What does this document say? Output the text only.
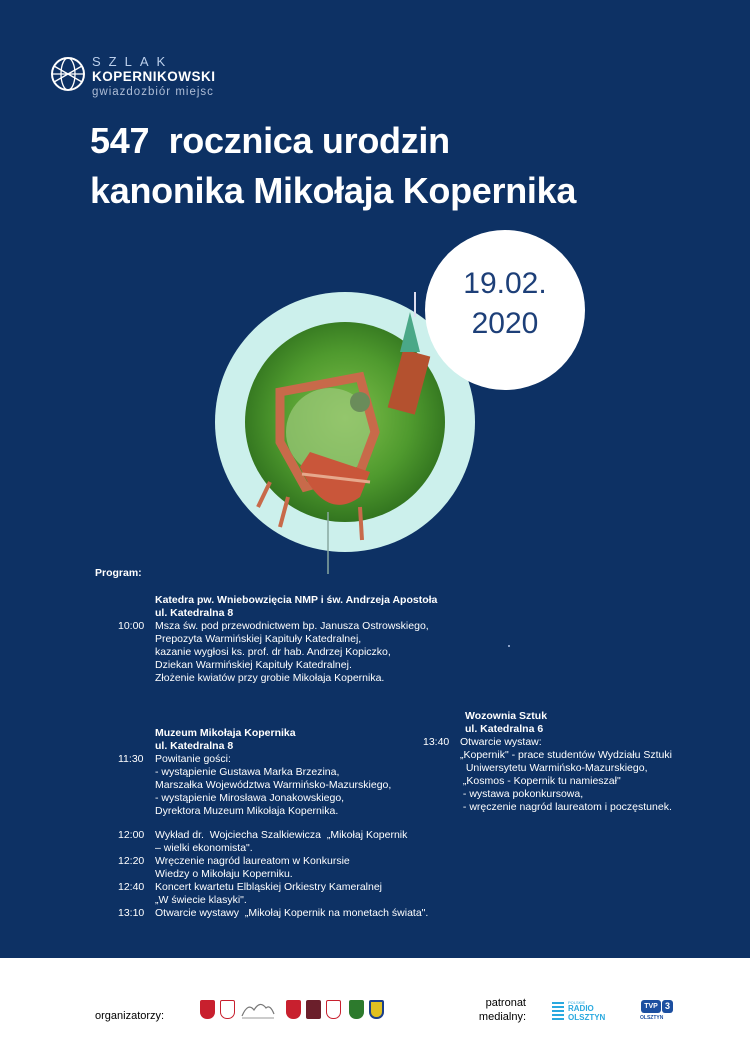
SZLAK
KOPERNIKOWSKI
gwiazdozbiór miejsc
547  rocznica urodzin
kanonika Mikołaja Kopernika
19.02.
2020
Program:
Katedra pw. Wniebowzięcia NMP i św. Andrzeja Apostoła
ul. Katedralna 8
10:00 Msza św. pod przewodnictwem bp. Janusza Ostrowskiego,
Prepozyta Warmińskiej Kapituły Katedralnej,
kazanie wygłosi ks. prof. dr hab. Andrzej Kopiczko,
Dziekan Warmińskiej Kapituły Katedralnej.
Złożenie kwiatów przy grobie Mikołaja Kopernika.
Muzeum Mikołaja Kopernika
ul. Katedralna 8
11:30 Powitanie gości:
- wystąpienie Gustawa Marka Brzezina,
Marszałka Województwa Warmińsko-Mazurskiego,
- wystąpienie Mirosława Jonakowskiego,
Dyrektora Muzeum Mikołaja Kopernika.
12:00 Wykład dr.  Wojciecha Szalkiewicza  „Mikołaj Kopernik
– wielki ekonomista".
12:20 Wręczenie nagród laureatom w Konkursie
Wiedzy o Mikołaju Koperniku.
12:40 Koncert kwartetu Elbląskiej Orkiestry Kameralnej
„W świecie klasyki".
13:10 Otwarcie wystawy  „Mikołaj Kopernik na monetach świata".
Wozownia Sztuk
ul. Katedralna 6
13:40 Otwarcie wystaw:
„Kopernik" - prace studentów Wydziału Sztuki
Uniwersytetu Warmińsko-Mazurskiego,
„Kosmos - Kopernik tu namieszał"
- wystawa pokonkursowa,
- wręczenie nagród laureatom i poczęstunek.
organizatorzy:
patronat
medialny:
POLSKIE
RADIO
OLSZTYN
TVP 3
OLSZTYN
